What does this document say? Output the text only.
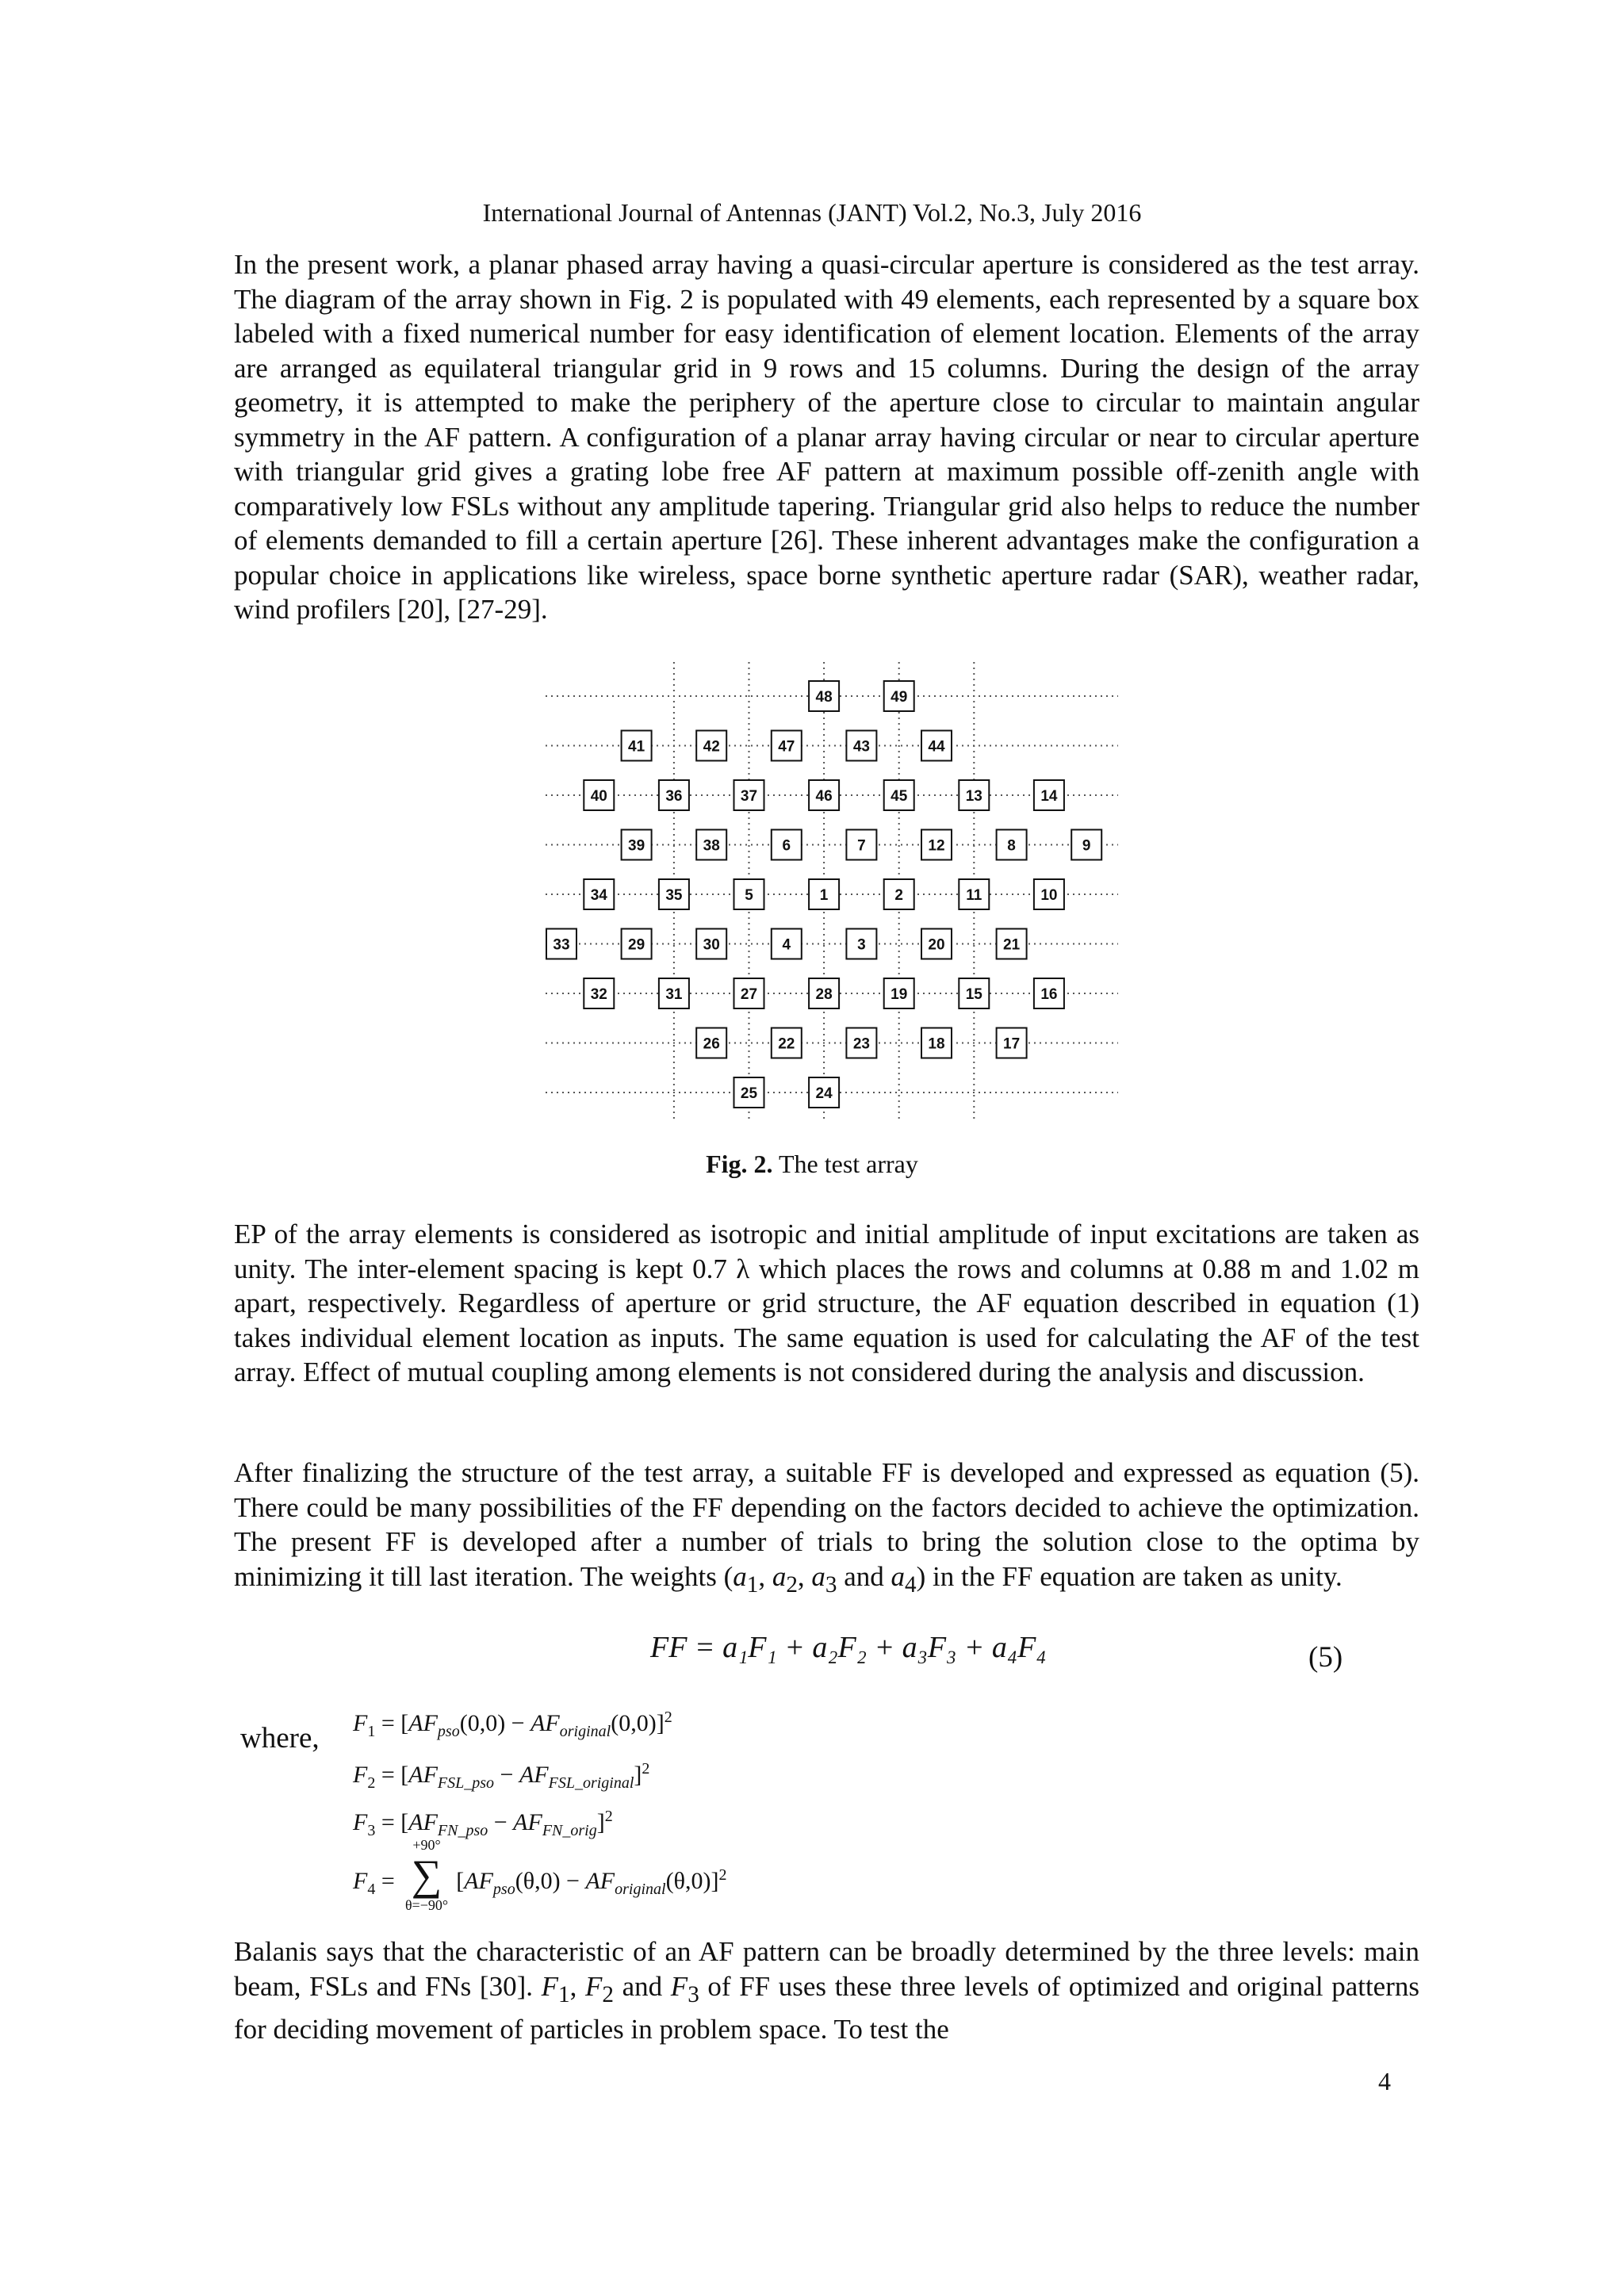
International Journal of Antennas (JANT) Vol.2, No.3, July 2016

In the present work, a planar phased array having a quasi-circular aperture is considered as the test array. The diagram of the array shown in Fig. 2 is populated with 49 elements, each represented by a square box labeled with a fixed numerical number for easy identification of element location. Elements of the array are arranged as equilateral triangular grid in 9 rows and 15 columns. During the design of the array geometry, it is attempted to make the periphery of the aperture close to circular to maintain angular symmetry in the AF pattern. A configuration of a planar array having circular or near to circular aperture with triangular grid gives a grating lobe free AF pattern at maximum possible off-zenith angle with comparatively low FSLs without any amplitude tapering. Triangular grid also helps to reduce the number of elements demanded to fill a certain aperture [26]. These inherent advantages make the configuration a popular choice in applications like wireless, space borne synthetic aperture radar (SAR), weather radar, wind profilers [20], [27-29].

48	49
41	42	47	43	44
40	36	37	46	45	13	14
39	38	6	7	12	8	9
34	35	5	1	2	11	10
33	29	30	4	3	20	21
32	31	27	28	19	15	16
26	22	23	18	17
25	24
Fig. 2. The test array

EP of the array elements is considered as isotropic and initial amplitude of input excitations are taken as unity. The inter-element spacing is kept 0.7 λ which places the rows and columns at 0.88 m and 1.02 m apart, respectively. Regardless of aperture or grid structure, the AF equation described in equation (1) takes individual element location as inputs. The same equation is used for calculating the AF of the test array. Effect of mutual coupling among elements is not considered during the analysis and discussion.

After finalizing the structure of the test array, a suitable FF is developed and expressed as equation (5). There could be many possibilities of the FF depending on the factors decided to achieve the optimization. The present FF is developed after a number of trials to bring the solution close to the optima by minimizing it till last iteration. The weights ($a_1$, $a_2$, $a_3$ and $a_4$) in the FF equation are taken as unity.

FF = a₁F₁ + a₂F₂ + a₃F₃ + a₄F₄	(5)
where, $F_1 = [AF_{pso}(0,0) - AF_{original}(0,0)]^2$
$F_2 = [AF_{FSL\_pso} - AF_{FSL\_original}]^2$
$F_3 = [AF_{FN\_pso} - AF_{FN\_orig}]^2$
+90°
∑
θ=−90°
$F_4 = [AF_{pso}(\theta,0) - AF_{original}(\theta,0)]^2$

Balanis says that the characteristic of an AF pattern can be broadly determined by the three levels: main beam, FSLs and FNs [30]. $F_1$, $F_2$ and $F_3$ of FF uses these three levels of optimized and original patterns for deciding movement of particles in problem space. To test the

4
